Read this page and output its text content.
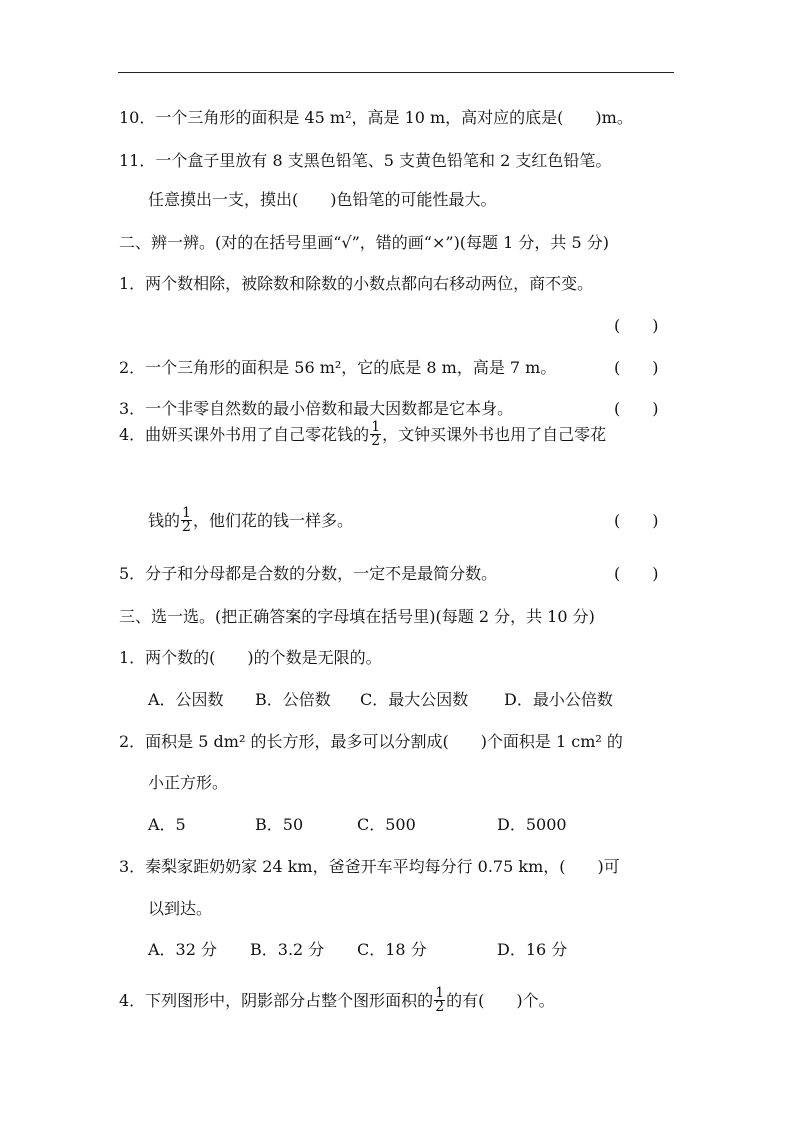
10．一个三角形的面积是 45 m²，高是 10 m，高对应的底是(　　)m。
11．一个盒子里放有 8 支黑色铅笔、5 支黄色铅笔和 2 支红色铅笔。
任意摸出一支，摸出(　　)色铅笔的可能性最大。
二、辨一辨。(对的在括号里画“√”，错的画“×”)(每题 1 分，共 5 分)
1．两个数相除，被除数和除数的小数点都向右移动两位，商不变。
(　　)
2．一个三角形的面积是 56 m²，它的底是 8 m，高是 7 m。	(　　)
3．一个非零自然数的最小倍数和最大因数都是它本身。	(　　)
4．曲妍买课外书用了自己零花钱的 $\frac{1}{2}$ ，文钟买课外书也用了自己零花
钱的 $\frac{1}{2}$ ，他们花的钱一样多。	(　　)
5．分子和分母都是合数的分数，一定不是最简分数。	(　　)
三、选一选。(把正确答案的字母填在括号里)(每题 2 分，共 10 分)
1．两个数的(　　)的个数是无限的。
A．公因数 B．公倍数 C．最大公因数 D．最小公倍数
2．面积是 5 dm² 的长方形，最多可以分割成(　　)个面积是 1 cm² 的
小正方形。
A．5	B．50	C．500	D．5000
3．秦梨家距奶奶家 24 km，爸爸开车平均每分行 0.75 km，(　　)可
以到达。
A．32 分 B．3.2 分 C．18 分	D．16 分
4．下列图形中，阴影部分占整个图形面积的 $\frac{1}{2}$ 的有(　　)个。
